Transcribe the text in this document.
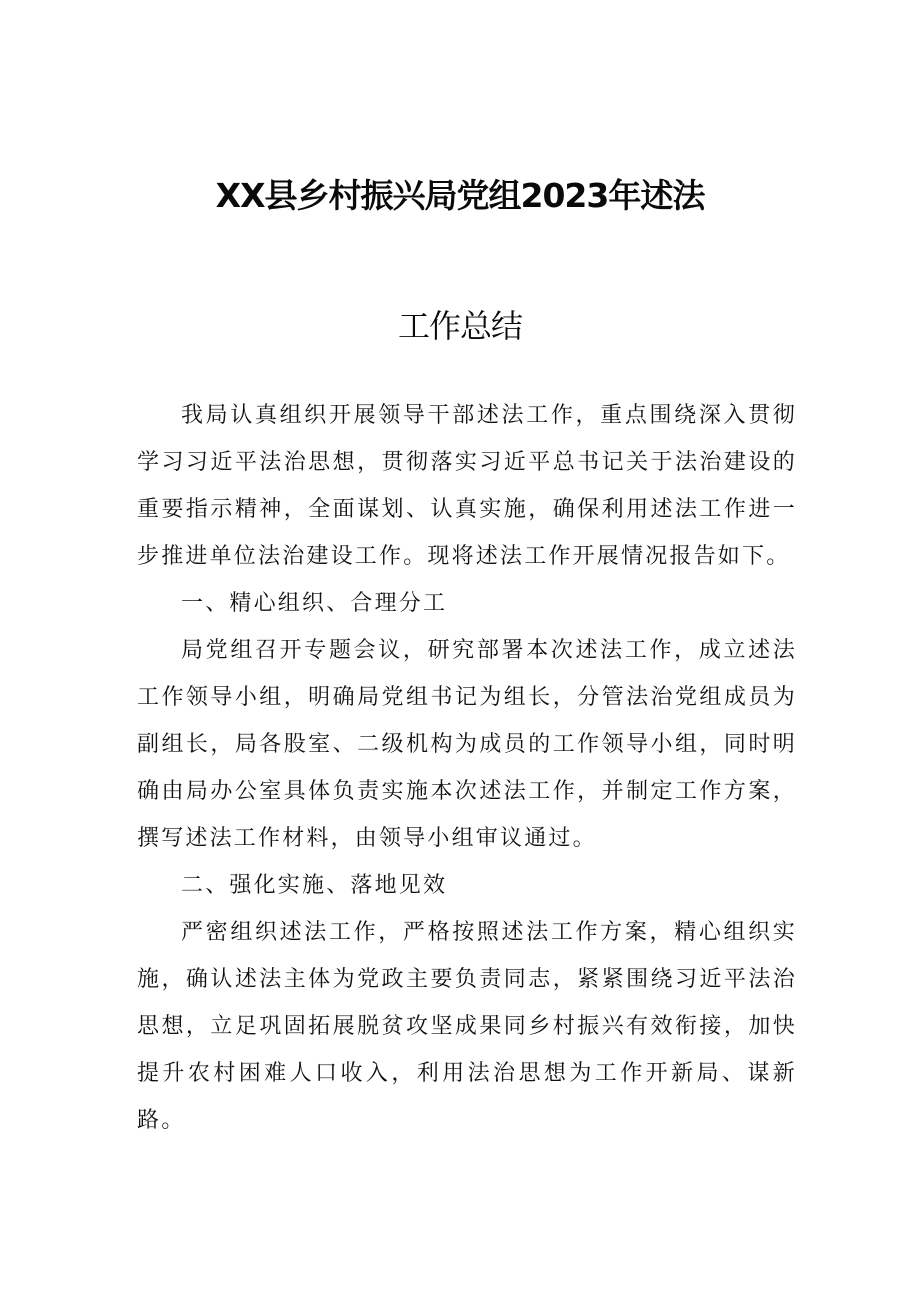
XX县乡村振兴局党组2023年述法
工作总结

我局认真组织开展领导干部述法工作，重点围绕深入贯彻学习习近平法治思想，贯彻落实习近平总书记关于法治建设的重要指示精神，全面谋划、认真实施，确保利用述法工作进一步推进单位法治建设工作。现将述法工作开展情况报告如下。

一、精心组织、合理分工

局党组召开专题会议，研究部署本次述法工作，成立述法工作领导小组，明确局党组书记为组长，分管法治党组成员为副组长，局各股室、二级机构为成员的工作领导小组，同时明确由局办公室具体负责实施本次述法工作，并制定工作方案，撰写述法工作材料，由领导小组审议通过。

二、强化实施、落地见效

严密组织述法工作，严格按照述法工作方案，精心组织实施，确认述法主体为党政主要负责同志，紧紧围绕习近平法治思想，立足巩固拓展脱贫攻坚成果同乡村振兴有效衔接，加快提升农村困难人口收入，利用法治思想为工作开新局、谋新路。
